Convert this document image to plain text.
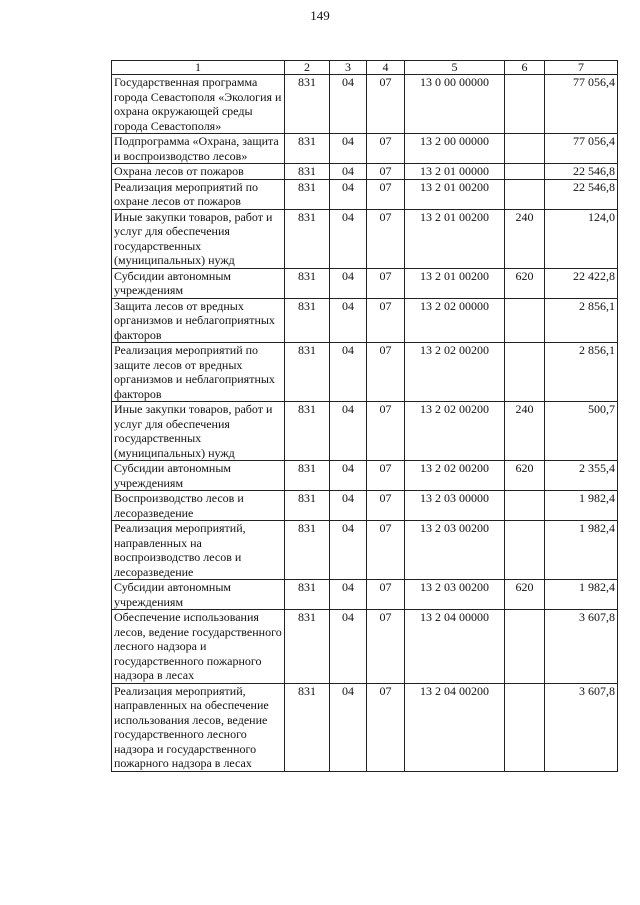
149
1	2	3	4	5	6	7
Государственная программа города Севастополя «Экология и охрана окружающей среды города Севастополя»	831	04	07	13 0 00 00000		77 056,4
Подпрограмма «Охрана, защита и воспроизводство лесов»	831	04	07	13 2 00 00000		77 056,4
Охрана лесов от пожаров	831	04	07	13 2 01 00000		22 546,8
Реализация мероприятий по охране лесов от пожаров	831	04	07	13 2 01 00200		22 546,8
Иные закупки товаров, работ и услуг для обеспечения государственных (муниципальных) нужд	831	04	07	13 2 01 00200	240	124,0
Субсидии автономным учреждениям	831	04	07	13 2 01 00200	620	22 422,8
Защита лесов от вредных организмов и неблагоприятных факторов	831	04	07	13 2 02 00000		2 856,1
Реализация мероприятий по защите лесов от вредных организмов и неблагоприятных факторов	831	04	07	13 2 02 00200		2 856,1
Иные закупки товаров, работ и услуг для обеспечения государственных (муниципальных) нужд	831	04	07	13 2 02 00200	240	500,7
Субсидии автономным учреждениям	831	04	07	13 2 02 00200	620	2 355,4
Воспроизводство лесов и лесоразведение	831	04	07	13 2 03 00000		1 982,4
Реализация мероприятий, направленных на воспроизводство лесов и лесоразведение	831	04	07	13 2 03 00200		1 982,4
Субсидии автономным учреждениям	831	04	07	13 2 03 00200	620	1 982,4
Обеспечение использования лесов, ведение государственного лесного надзора и государственного пожарного надзора в лесах	831	04	07	13 2 04 00000		3 607,8
Реализация мероприятий, направленных на обеспечение использования лесов, ведение государственного лесного надзора и государственного пожарного надзора в лесах	831	04	07	13 2 04 00200		3 607,8
